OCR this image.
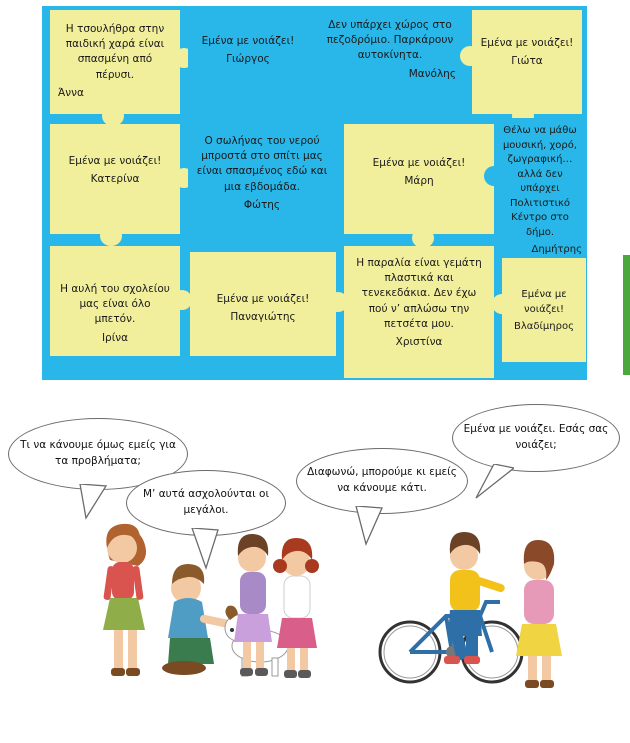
Η τσουλήθρα στην παιδική χαρά είναι σπασμένη από πέρυσι.
Άννα
Εμένα με νοιάζει!
Γιώργος
Δεν υπάρχει χώρος στο πεζοδρόμιο. Παρκάρουν αυτοκίνητα.
Μανόλης
Εμένα με νοιάζει!
Γιώτα
Εμένα με νοιάζει!
Κατερίνα
Ο σωλήνας του νερού μπροστά στο σπίτι μας είναι σπασμένος εδώ και μια εβδομάδα.
Φώτης
Εμένα με νοιάζει!
Μάρη
Θέλω να μάθω μουσική, χορό, ζωγραφική… αλλά δεν υπάρχει Πολιτιστικό Κέντρο στο δήμο.
Δημήτρης
Η αυλή του σχολείου μας είναι όλο μπετόν.
Ιρίνα
Εμένα με νοιάζει!
Παναγιώτης
Η παραλία είναι γεμάτη πλαστικά και τενεκεδάκια. Δεν έχω πού ν’ απλώσω την πετσέτα μου.
Χριστίνα
Εμένα με νοιάζει!
Βλαδίμηρος
Τι να κάνουμε όμως εμείς για τα προβλήματα;
Μ’ αυτά ασχολούνται οι μεγάλοι.
Διαφωνώ, μπορούμε κι εμείς να κάνουμε κάτι.
Εμένα με νοιάζει. Εσάς σας νοιάζει;
